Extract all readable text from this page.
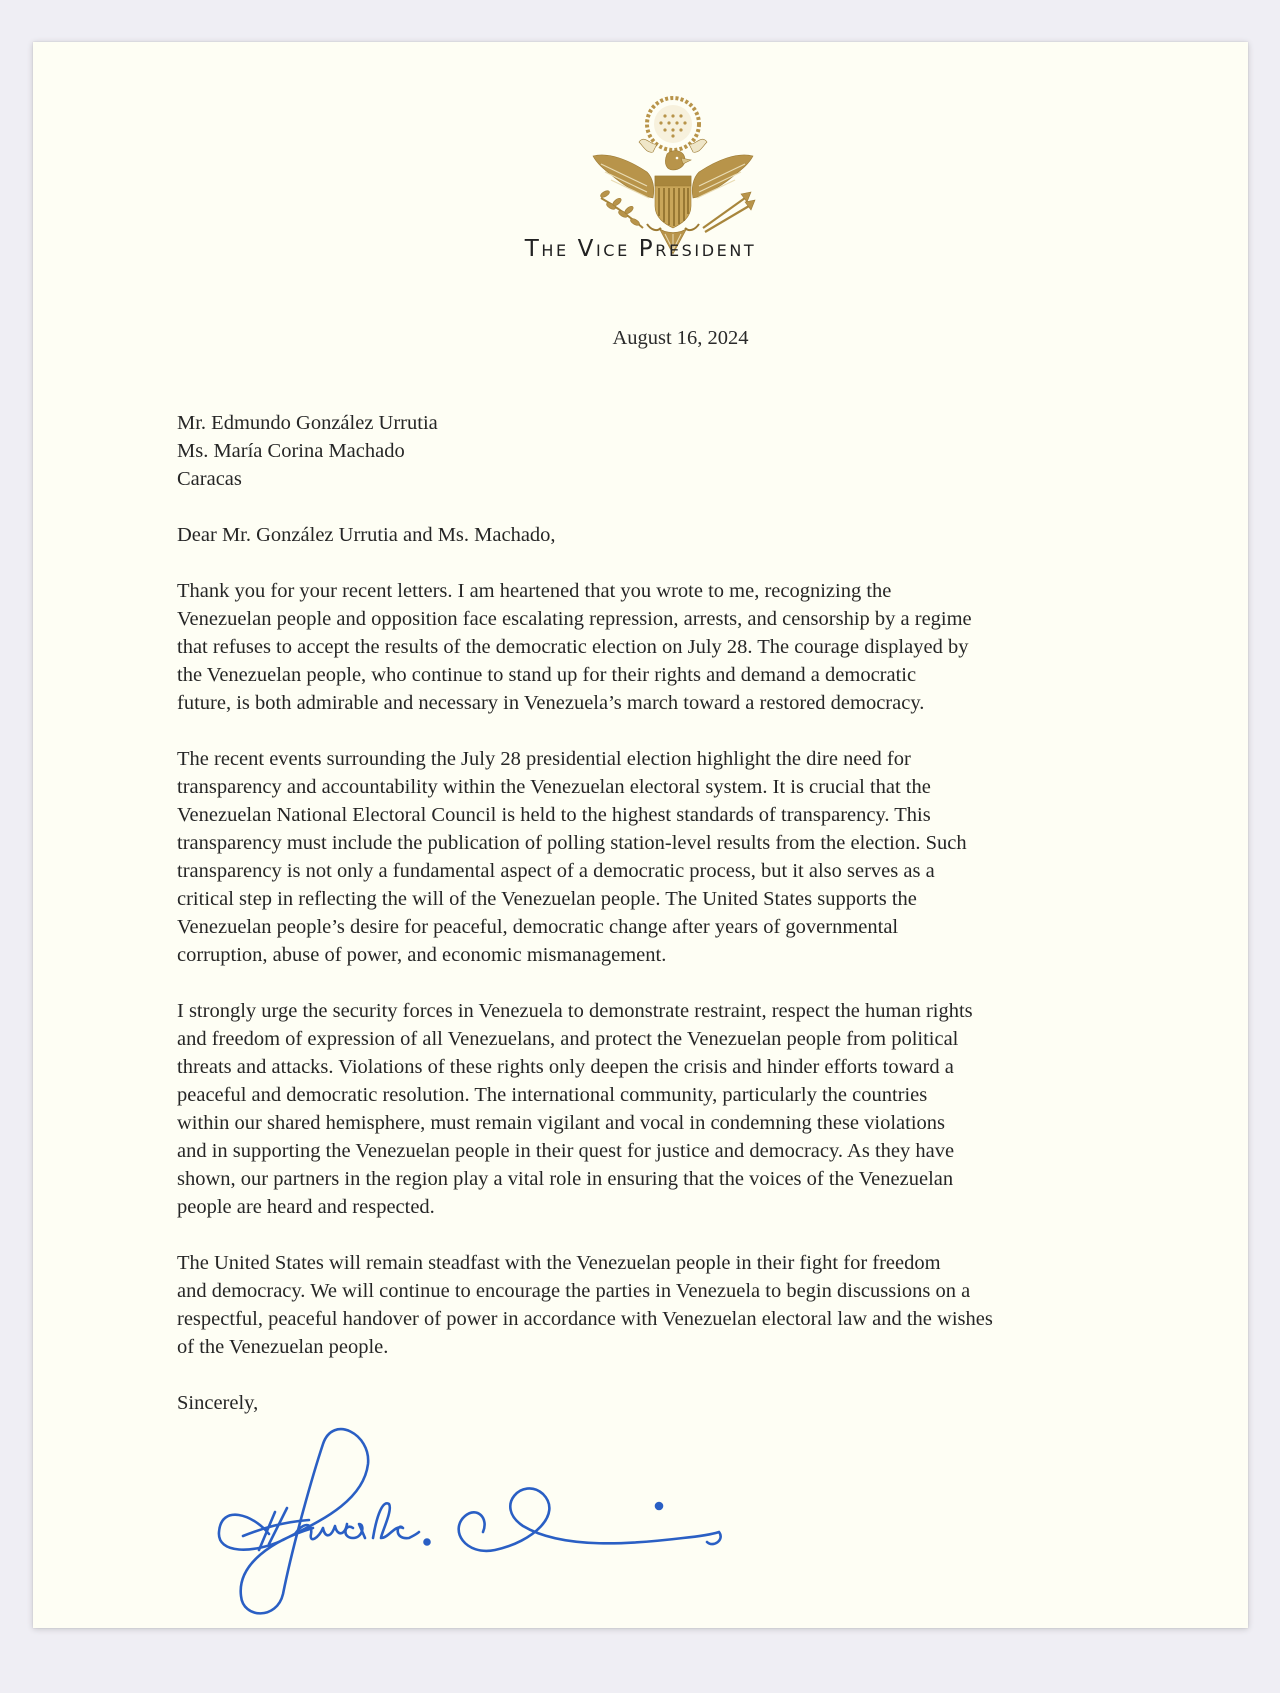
The Vice President
August 16, 2024
Mr. Edmundo González Urrutia
Ms. María Corina Machado
Caracas
Dear Mr. González Urrutia and Ms. Machado,
Thank you for your recent letters. I am heartened that you wrote to me, recognizing the
Venezuelan people and opposition face escalating repression, arrests, and censorship by a regime
that refuses to accept the results of the democratic election on July 28. The courage displayed by
the Venezuelan people, who continue to stand up for their rights and demand a democratic
future, is both admirable and necessary in Venezuela’s march toward a restored democracy.
The recent events surrounding the July 28 presidential election highlight the dire need for
transparency and accountability within the Venezuelan electoral system. It is crucial that the
Venezuelan National Electoral Council is held to the highest standards of transparency. This
transparency must include the publication of polling station-level results from the election. Such
transparency is not only a fundamental aspect of a democratic process, but it also serves as a
critical step in reflecting the will of the Venezuelan people. The United States supports the
Venezuelan people’s desire for peaceful, democratic change after years of governmental
corruption, abuse of power, and economic mismanagement.
I strongly urge the security forces in Venezuela to demonstrate restraint, respect the human rights
and freedom of expression of all Venezuelans, and protect the Venezuelan people from political
threats and attacks. Violations of these rights only deepen the crisis and hinder efforts toward a
peaceful and democratic resolution. The international community, particularly the countries
within our shared hemisphere, must remain vigilant and vocal in condemning these violations
and in supporting the Venezuelan people in their quest for justice and democracy. As they have
shown, our partners in the region play a vital role in ensuring that the voices of the Venezuelan
people are heard and respected.
The United States will remain steadfast with the Venezuelan people in their fight for freedom
and democracy. We will continue to encourage the parties in Venezuela to begin discussions on a
respectful, peaceful handover of power in accordance with Venezuelan electoral law and the wishes
of the Venezuelan people.
Sincerely,
